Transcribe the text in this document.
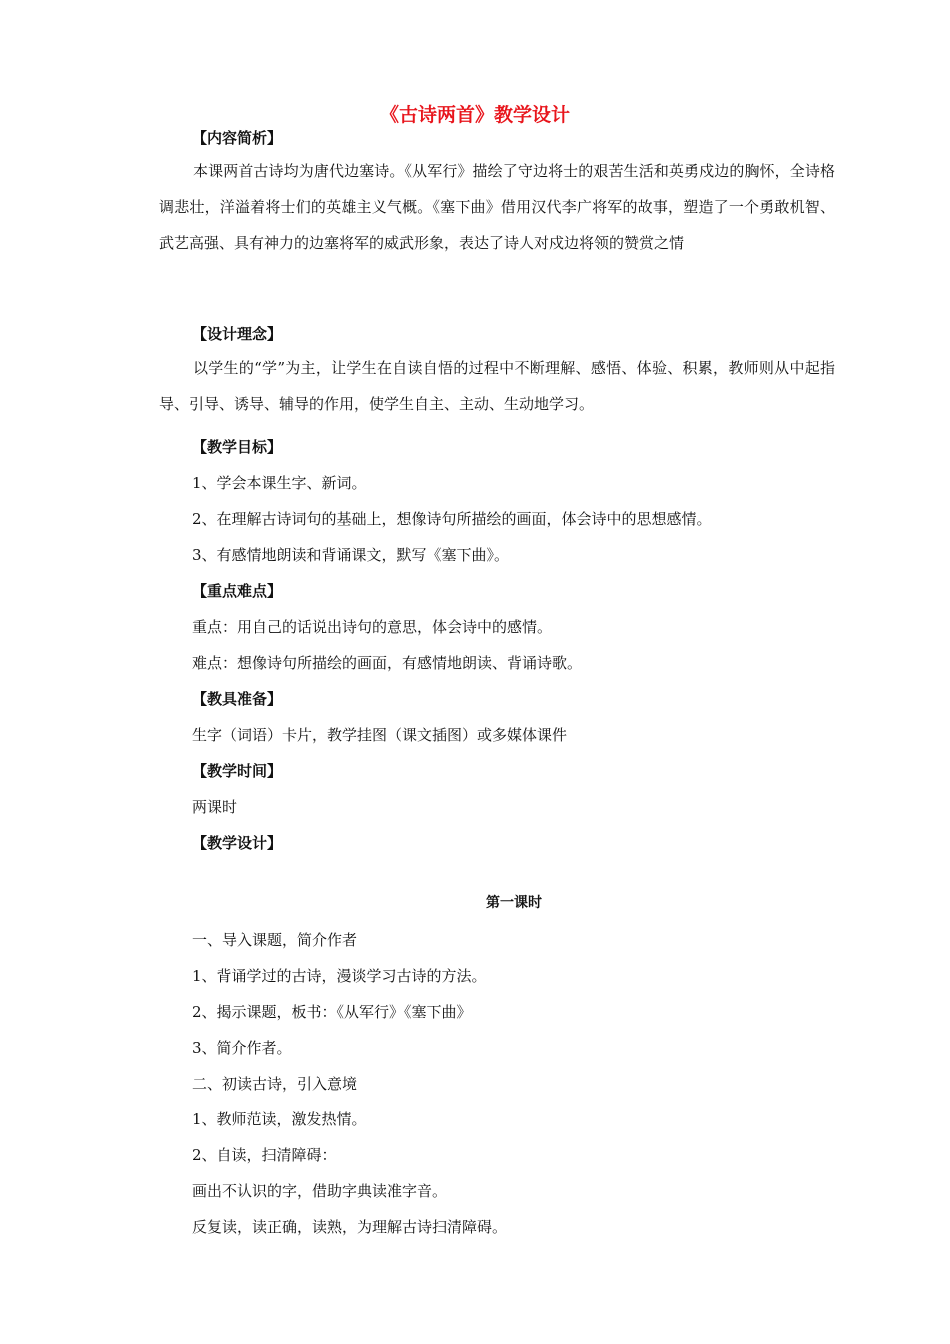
《古诗两首》教学设计
【内容简析】
本课两首古诗均为唐代边塞诗。《从军行》描绘了守边将士的艰苦生活和英勇戍边的胸怀，全诗格调悲壮，洋溢着将士们的英雄主义气概。《塞下曲》借用汉代李广将军的故事，塑造了一个勇敢机智、武艺高强、具有神力的边塞将军的威武形象，表达了诗人对戍边将领的赞赏之情
【设计理念】
以学生的“学”为主，让学生在自读自悟的过程中不断理解、感悟、体验、积累，教师则从中起指导、引导、诱导、辅导的作用，使学生自主、主动、生动地学习。
【教学目标】
1、学会本课生字、新词。
2、在理解古诗词句的基础上，想像诗句所描绘的画面，体会诗中的思想感情。
3、有感情地朗读和背诵课文，默写《塞下曲》。
【重点难点】
重点：用自己的话说出诗句的意思，体会诗中的感情。
难点：想像诗句所描绘的画面，有感情地朗读、背诵诗歌。
【教具准备】
生字（词语）卡片，教学挂图（课文插图）或多媒体课件
【教学时间】
两课时
【教学设计】
第一课时
一、导入课题，简介作者
1、背诵学过的古诗，漫谈学习古诗的方法。
2、揭示课题，板书：《从军行》《塞下曲》
3、简介作者。
二、初读古诗，引入意境
1、教师范读，激发热情。
2、自读，扫清障碍：
画出不认识的字，借助字典读准字音。
反复读，读正确，读熟，为理解古诗扫清障碍。
